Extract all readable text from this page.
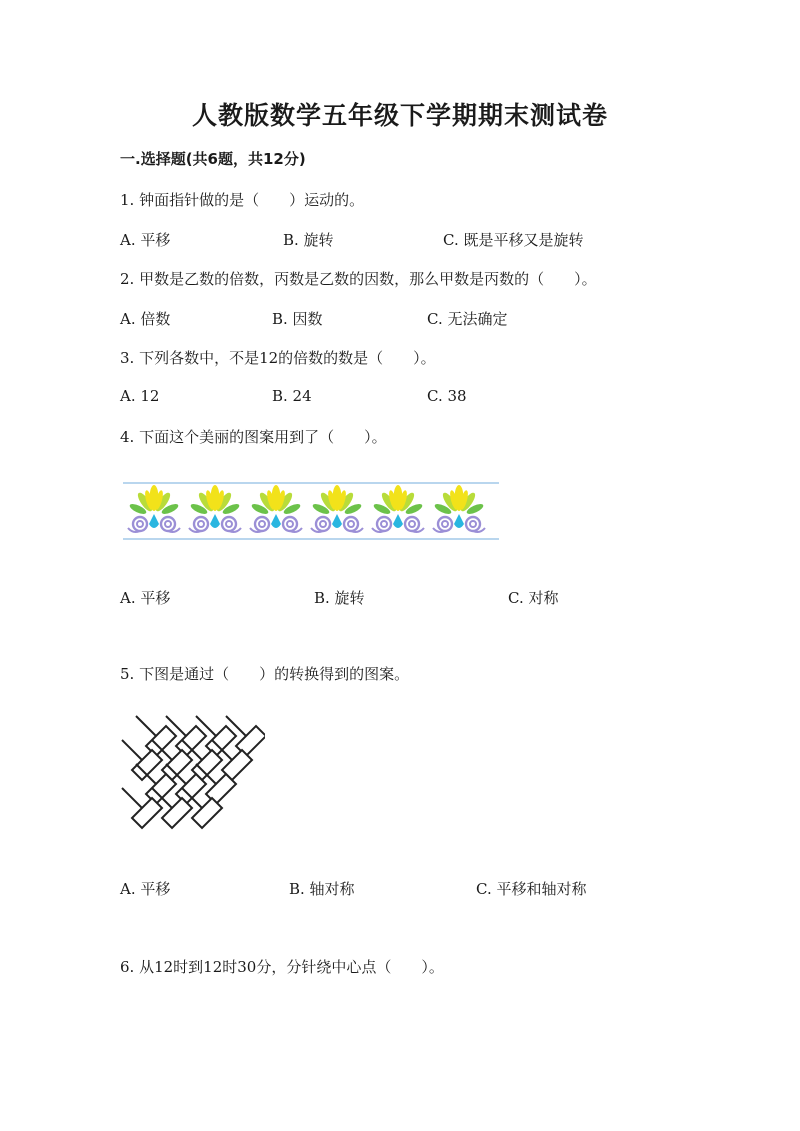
人教版数学五年级下学期期末测试卷
一.选择题(共6题，共12分)
1. 钟面指针做的是（　　）运动的。
A. 平移	B. 旋转	C. 既是平移又是旋转
2. 甲数是乙数的倍数，丙数是乙数的因数，那么甲数是丙数的（　　）。
A. 倍数	B. 因数	C. 无法确定
3. 下列各数中，不是12的倍数的数是（　　）。
A. 12	B. 24	C. 38
4. 下面这个美丽的图案用到了（　　）。
A. 平移	B. 旋转	C. 对称
5. 下图是通过（　　）的转换得到的图案。
A. 平移	B. 轴对称	C. 平移和轴对称
6. 从12时到12时30分，分针绕中心点（　　）。
